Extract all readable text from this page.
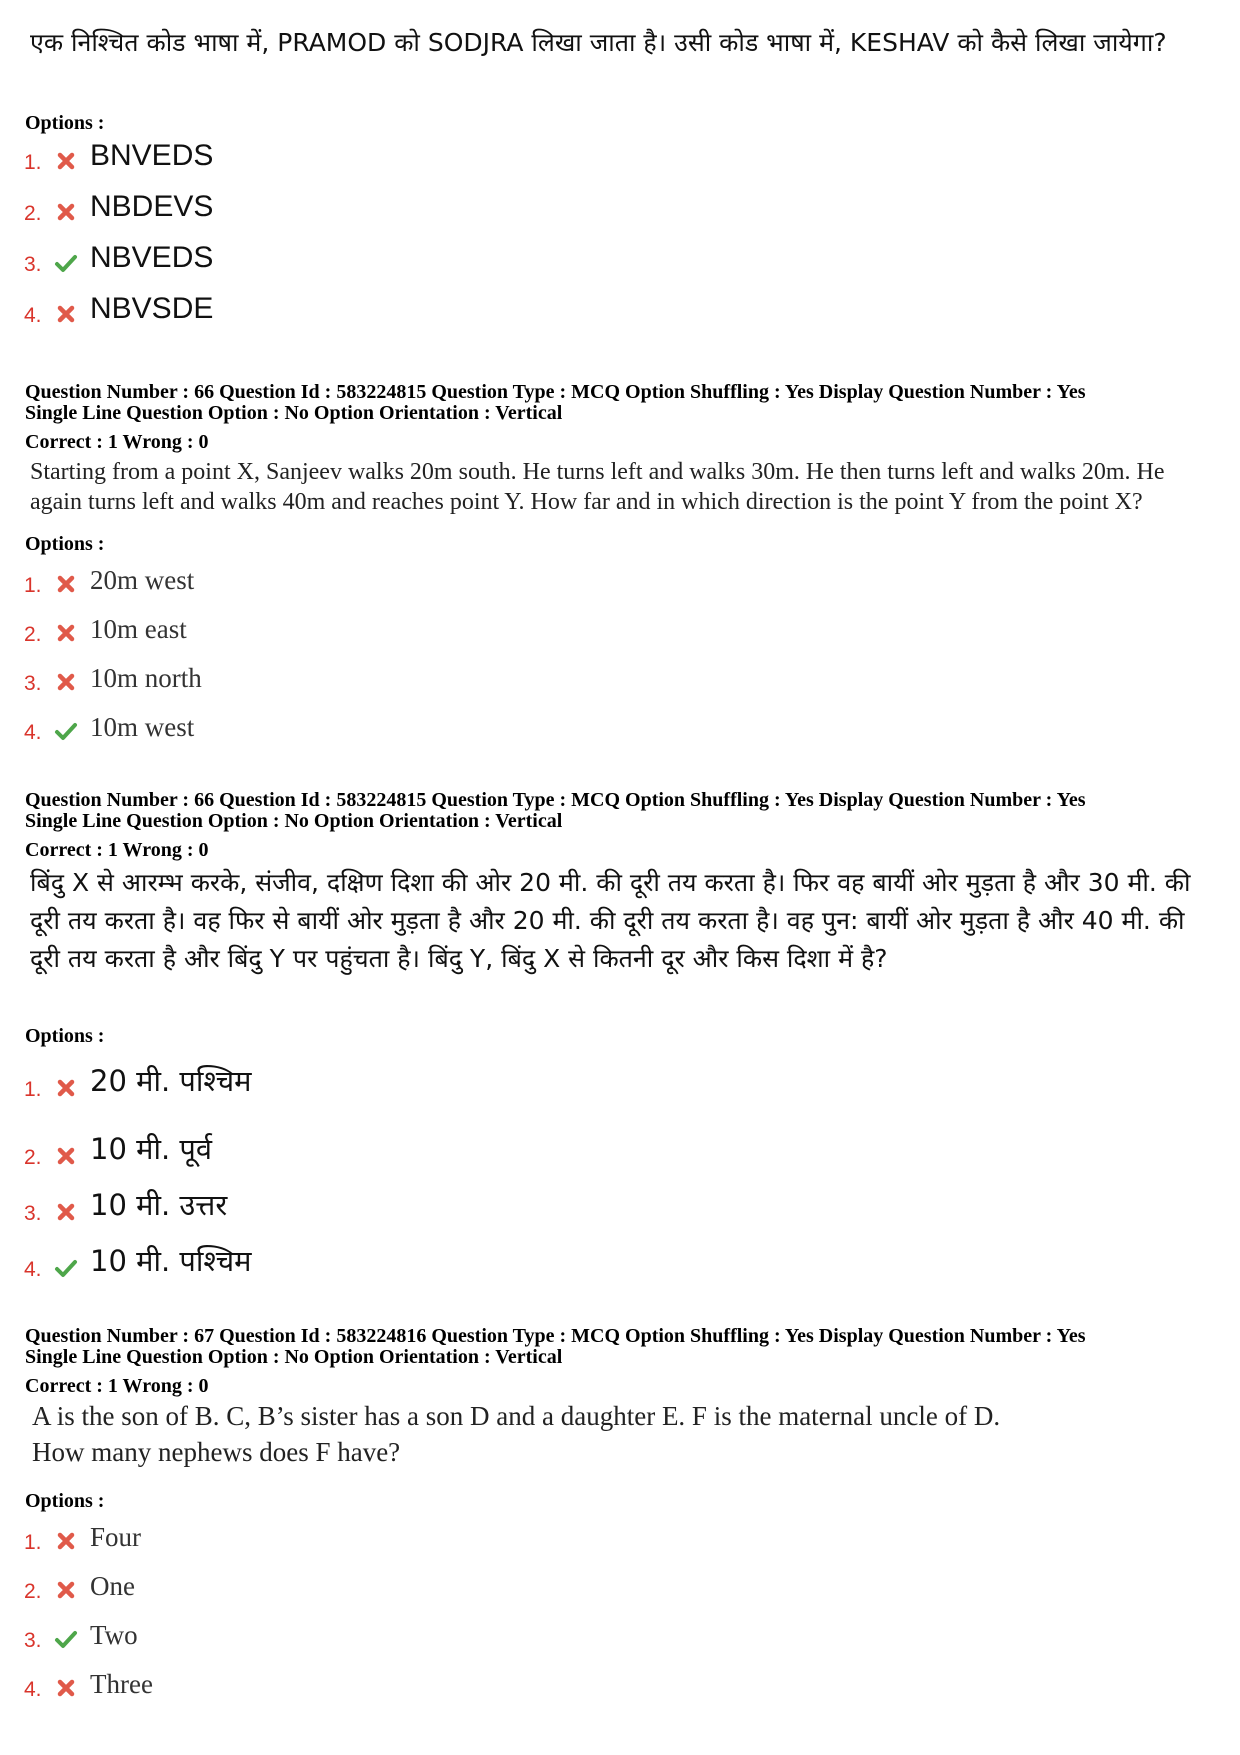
एक निश्चित कोड भाषा में, PRAMOD को SODJRA लिखा जाता है। उसी कोड भाषा में, KESHAV को कैसे लिखा जायेगा?
Options :
1. BNVEDS
2. NBDEVS
3. NBVEDS
4. NBVSDE
Question Number : 66 Question Id : 583224815 Question Type : MCQ Option Shuffling : Yes Display Question Number : Yes
Single Line Question Option : No Option Orientation : Vertical
Correct : 1 Wrong : 0
Starting from a point X, Sanjeev walks 20m south. He turns left and walks 30m. He then turns left and walks 20m. He again turns left and walks 40m and reaches point Y. How far and in which direction is the point Y from the point X?
Options :
1. 20m west
2. 10m east
3. 10m north
4. 10m west
Question Number : 66 Question Id : 583224815 Question Type : MCQ Option Shuffling : Yes Display Question Number : Yes
Single Line Question Option : No Option Orientation : Vertical
Correct : 1 Wrong : 0
बिंदु X से आरम्भ करके, संजीव, दक्षिण दिशा की ओर 20 मी. की दूरी तय करता है। फिर वह बायीं ओर मुड़ता है और 30 मी. की दूरी तय करता है। वह फिर से बायीं ओर मुड़ता है और 20 मी. की दूरी तय करता है। वह पुन: बायीं ओर मुड़ता है और 40 मी. की दूरी तय करता है और बिंदु Y पर पहुंचता है। बिंदु Y, बिंदु X से कितनी दूर और किस दिशा में है?
Options :
1. 20 मी. पश्चिम
2. 10 मी. पूर्व
3. 10 मी. उत्तर
4. 10 मी. पश्चिम
Question Number : 67 Question Id : 583224816 Question Type : MCQ Option Shuffling : Yes Display Question Number : Yes
Single Line Question Option : No Option Orientation : Vertical
Correct : 1 Wrong : 0
A is the son of B. C, B’s sister has a son D and a daughter E. F is the maternal uncle of D.
How many nephews does F have?
Options :
1. Four
2. One
3. Two
4. Three
